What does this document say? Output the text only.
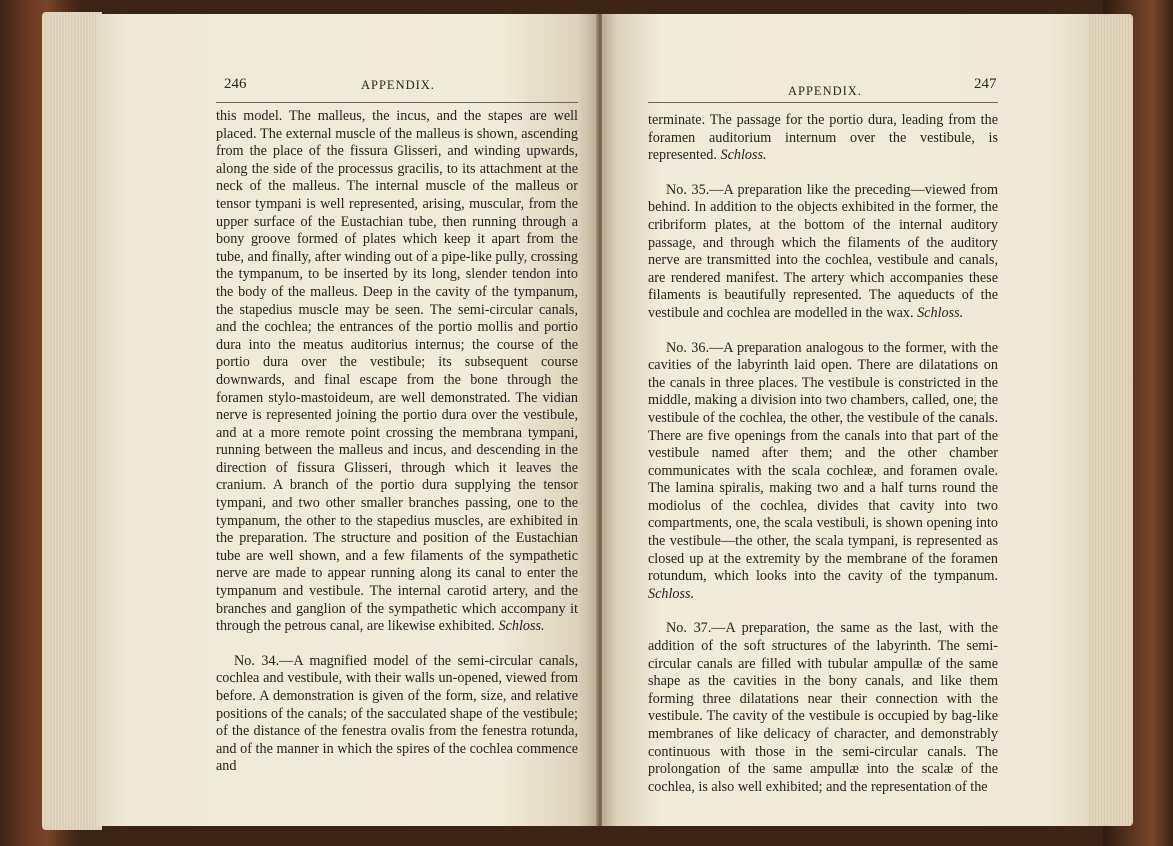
246	APPENDIX.

this model. The malleus, the incus, and the stapes are well placed. The external muscle of the malleus is shown, ascending from the place of the fissura Glisseri, and winding upwards, along the side of the processus gracilis, to its attachment at the neck of the malleus. The internal muscle of the malleus or tensor tympani is well represented, arising, muscular, from the upper surface of the Eustachian tube, then running through a bony groove formed of plates which keep it apart from the tube, and finally, after winding out of a pipe-like pully, crossing the tympanum, to be inserted by its long, slender tendon into the body of the malleus. Deep in the cavity of the tympanum, the stapedius muscle may be seen. The semi-circular canals, and the cochlea; the entrances of the portio mollis and portio dura into the meatus auditorius internus; the course of the portio dura over the vestibule; its subsequent course downwards, and final escape from the bone through the foramen stylo-mastoideum, are well demonstrated. The vidian nerve is represented joining the portio dura over the vestibule, and at a more remote point crossing the membrana tympani, running between the malleus and incus, and descending in the direction of fissura Glisseri, through which it leaves the cranium. A branch of the portio dura supplying the tensor tympani, and two other smaller branches passing, one to the tympanum, the other to the stapedius muscles, are exhibited in the preparation. The structure and position of the Eustachian tube are well shown, and a few filaments of the sympathetic nerve are made to appear running along its canal to enter the tympanum and vestibule. The internal carotid artery, and the branches and ganglion of the sympathetic which accompany it through the petrous canal, are likewise exhibited. Schloss.

No. 34.—A magnified model of the semi-circular canals, cochlea and vestibule, with their walls un-opened, viewed from before. A demonstration is given of the form, size, and relative positions of the canals; of the sacculated shape of the vestibule; of the distance of the fenestra ovalis from the fenestra rotunda, and of the manner in which the spires of the cochlea commence and

APPENDIX.	247

terminate. The passage for the portio dura, leading from the foramen auditorium internum over the vestibule, is represented. Schloss.

No. 35.—A preparation like the preceding—viewed from behind. In addition to the objects exhibited in the former, the cribriform plates, at the bottom of the internal auditory passage, and through which the filaments of the auditory nerve are transmitted into the cochlea, vestibule and canals, are rendered manifest. The artery which accompanies these filaments is beautifully represented. The aqueducts of the vestibule and cochlea are modelled in the wax. Schloss.

No. 36.—A preparation analogous to the former, with the cavities of the labyrinth laid open. There are dilatations on the canals in three places. The vestibule is constricted in the middle, making a division into two chambers, called, one, the vestibule of the cochlea, the other, the vestibule of the canals. There are five openings from the canals into that part of the vestibule named after them; and the other chamber communicates with the scala cochleæ, and foramen ovale. The lamina spiralis, making two and a half turns round the modiolus of the cochlea, divides that cavity into two compartments, one, the scala vestibuli, is shown opening into the vestibule—the other, the scala tympani, is represented as closed up at the extremity by the membrane of the foramen rotundum, which looks into the cavity of the tympanum. Schloss.

No. 37.—A preparation, the same as the last, with the addition of the soft structures of the labyrinth. The semi-circular canals are filled with tubular ampullæ of the same shape as the cavities in the bony canals, and like them forming three dilatations near their connection with the vestibule. The cavity of the vestibule is occupied by bag-like membranes of like delicacy of character, and demonstrably continuous with those in the semi-circular canals. The prolongation of the same ampullæ into the scalæ of the cochlea, is also well exhibited; and the representation of the
